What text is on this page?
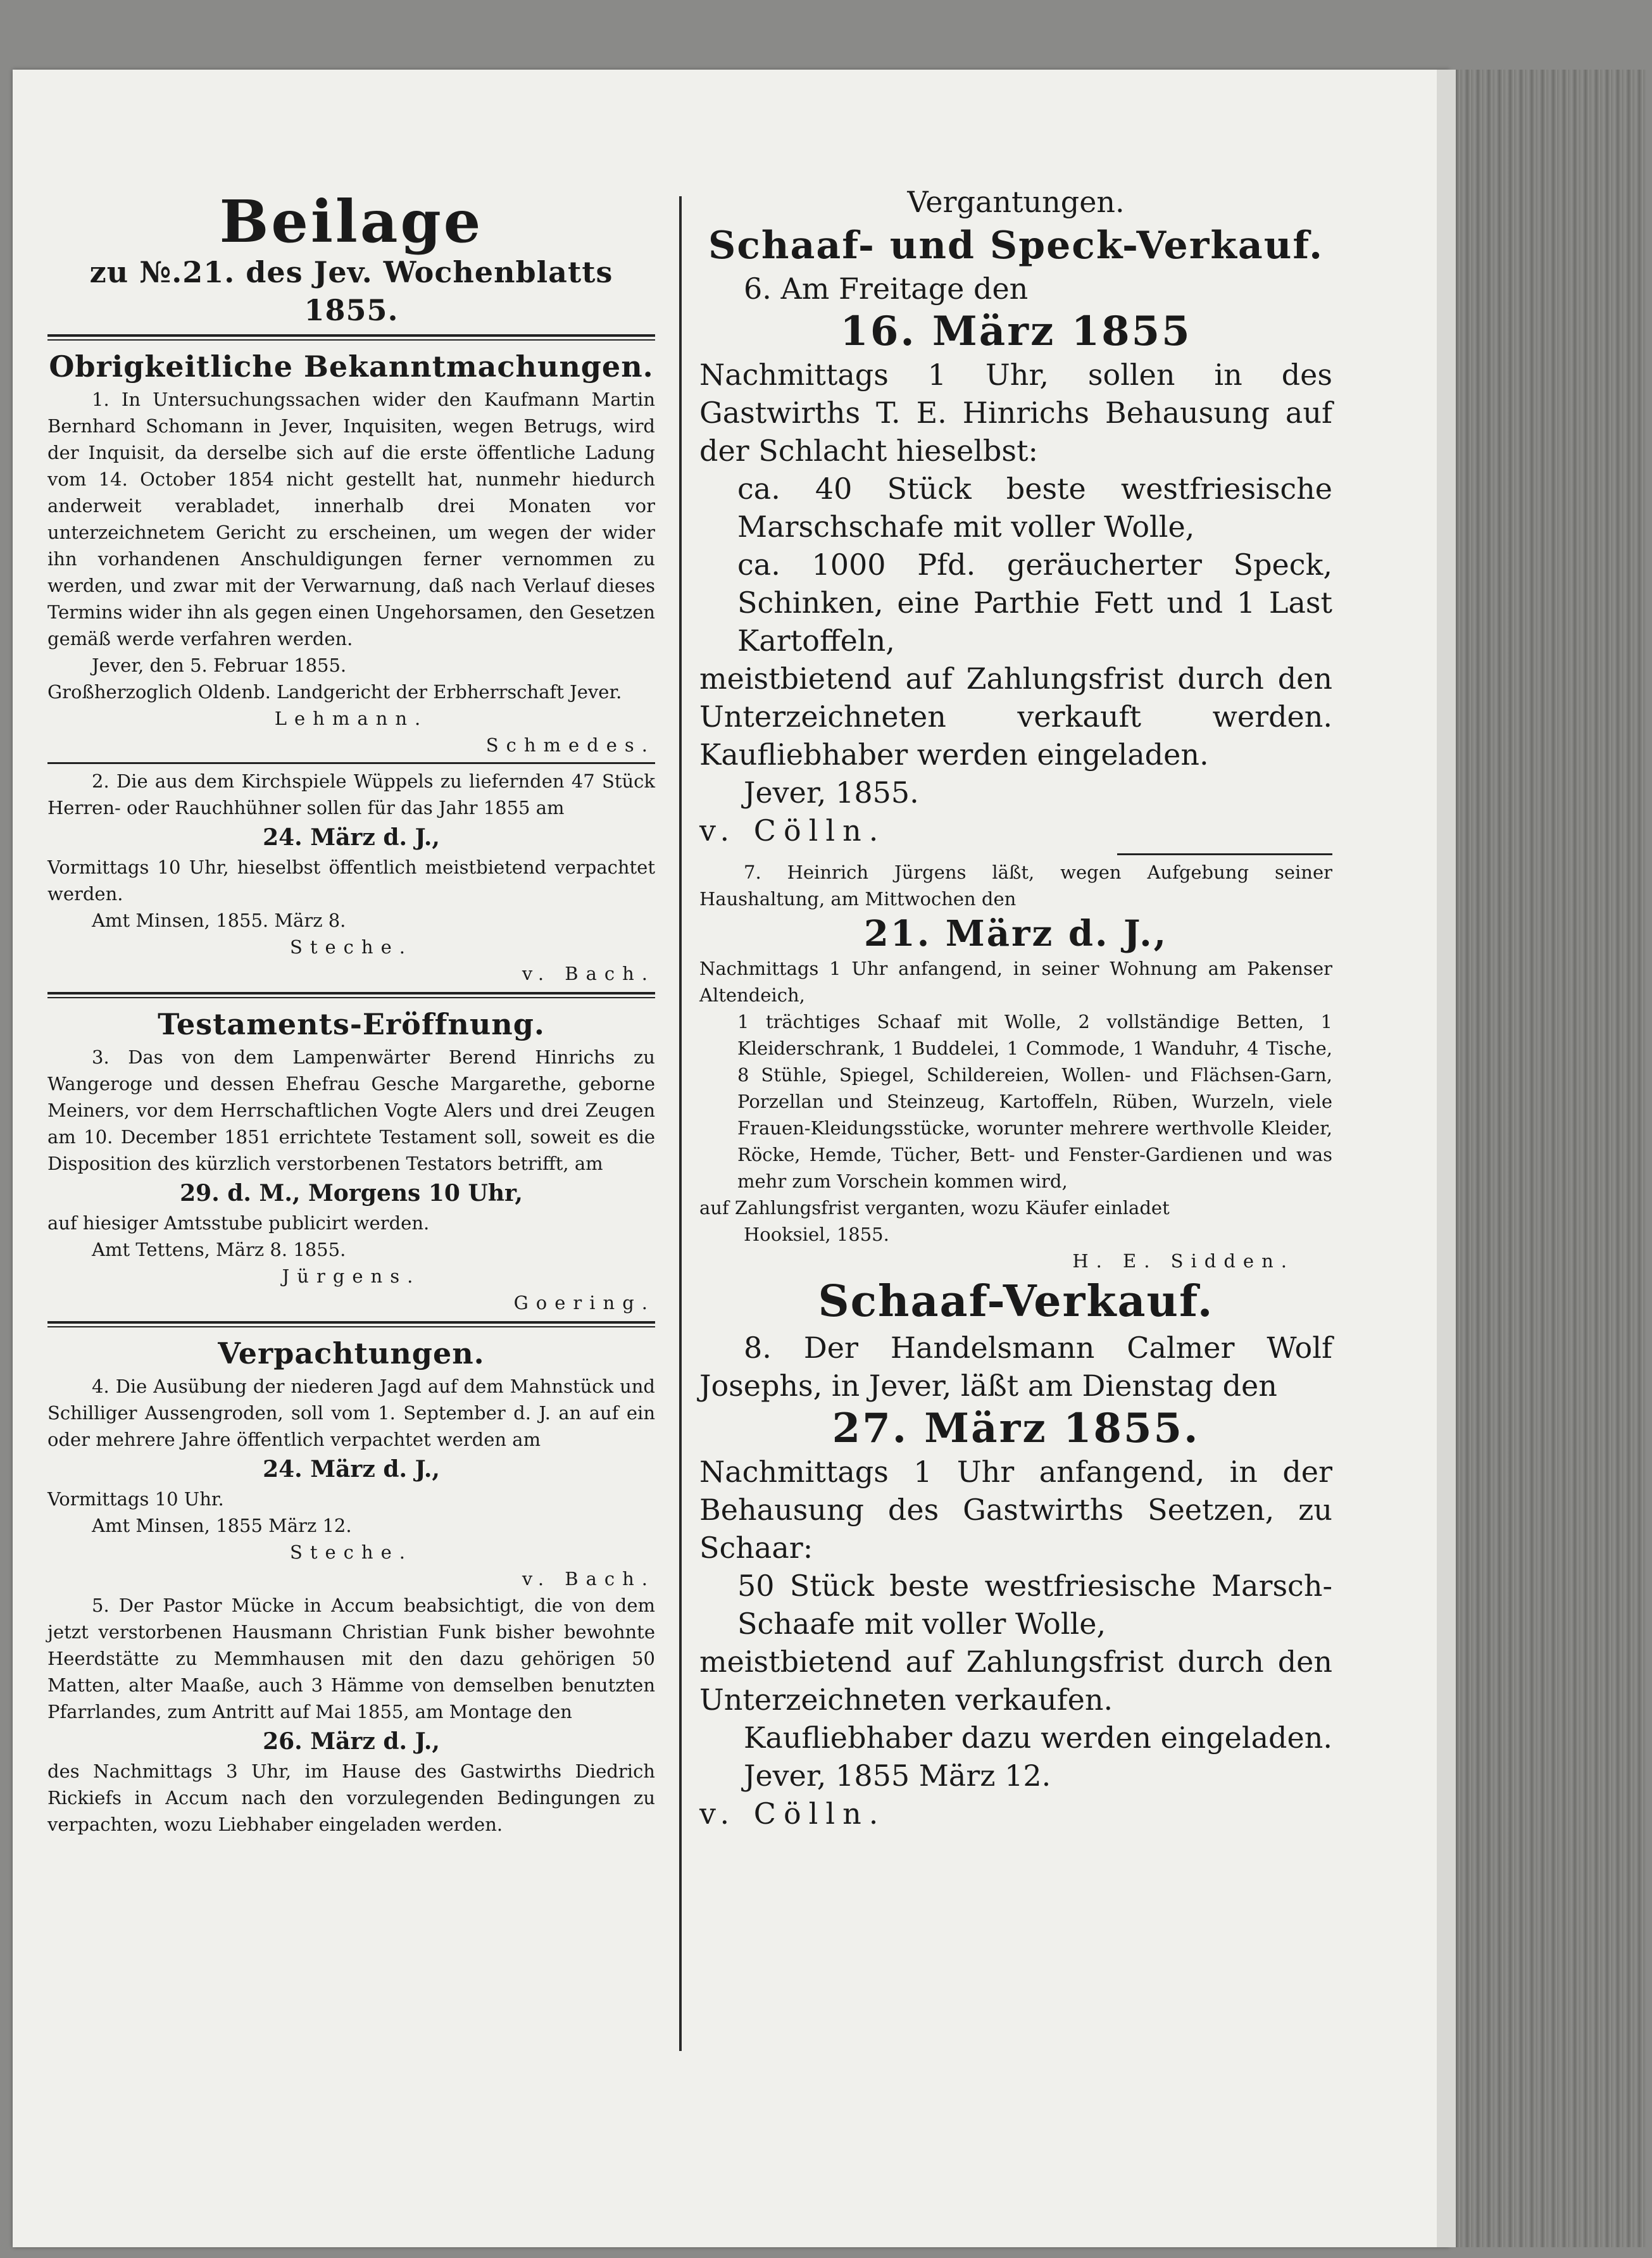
Beilage
zu №.21. des Jev. Wochenblatts 1855.
Obrigkeitliche Bekanntmachungen.
1. In Untersuchungssachen wider den Kaufmann Martin Bernhard Schomann in Jever, Inquisiten, wegen Betrugs, wird der Inquisit, da derselbe sich auf die erste öffentliche Ladung vom 14. October 1854 nicht gestellt hat, nunmehr hiedurch anderweit verabladet, innerhalb drei Monaten vor unterzeichnetem Gericht zu erscheinen, um wegen der wider ihn vorhandenen Anschuldigungen ferner vernommen zu werden, und zwar mit der Verwarnung, daß nach Verlauf dieses Termins wider ihn als gegen einen Ungehorsamen, den Gesetzen gemäß werde verfahren werden.
Jever, den 5. Februar 1855.
Großherzoglich Oldenb. Landgericht der Erbherrschaft Jever.
Lehmann.
Schmedes.
2. Die aus dem Kirchspiele Wüppels zu liefernden 47 Stück Herren- oder Rauchhühner sollen für das Jahr 1855 am
24. März d. J.,
Vormittags 10 Uhr, hieselbst öffentlich meistbietend verpachtet werden.
Amt Minsen, 1855. März 8.
Steche.
v. Bach.
Testaments-Eröffnung.
3. Das von dem Lampenwärter Berend Hinrichs zu Wangeroge und dessen Ehefrau Gesche Margarethe, geborne Meiners, vor dem Herrschaftlichen Vogte Alers und drei Zeugen am 10. December 1851 errichtete Testament soll, soweit es die Disposition des kürzlich verstorbenen Testators betrifft, am
29. d. M., Morgens 10 Uhr,
auf hiesiger Amtsstube publicirt werden.
Amt Tettens, März 8. 1855.
Jürgens.
Goering.
Verpachtungen.
4. Die Ausübung der niederen Jagd auf dem Mahnstück und Schilliger Aussengroden, soll vom 1. September d. J. an auf ein oder mehrere Jahre öffentlich verpachtet werden am
24. März d. J.,
Vormittags 10 Uhr.
Amt Minsen, 1855 März 12.
Steche.
v. Bach.
5. Der Pastor Mücke in Accum beabsichtigt, die von dem jetzt verstorbenen Hausmann Christian Funk bisher bewohnte Heerdstätte zu Memmhausen mit den dazu gehörigen 50 Matten, alter Maaße, auch 3 Hämme von demselben benutzten Pfarrlandes, zum Antritt auf Mai 1855, am Montage den
26. März d. J.,
des Nachmittags 3 Uhr, im Hause des Gastwirths Diedrich Rickiefs in Accum nach den vorzulegenden Bedingungen zu verpachten, wozu Liebhaber eingeladen werden.
Vergantungen.
Schaaf- und Speck-Verkauf.
6. Am Freitage den
16. März 1855
Nachmittags 1 Uhr, sollen in des Gastwirths T. E. Hinrichs Behausung auf der Schlacht hieselbst:
ca. 40 Stück beste westfriesische Marschschafe mit voller Wolle,
ca. 1000 Pfd. geräucherter Speck, Schinken, eine Parthie Fett und 1 Last Kartoffeln,
meistbietend auf Zahlungsfrist durch den Unterzeichneten verkauft werden. Kaufliebhaber werden eingeladen.
Jever, 1855.
v. Cölln.
7. Heinrich Jürgens läßt, wegen Aufgebung seiner Haushaltung, am Mittwochen den
21. März d. J.,
Nachmittags 1 Uhr anfangend, in seiner Wohnung am Pakenser Altendeich,
1 trächtiges Schaaf mit Wolle, 2 vollständige Betten, 1 Kleiderschrank, 1 Buddelei, 1 Commode, 1 Wanduhr, 4 Tische, 8 Stühle, Spiegel, Schildereien, Wollen- und Flächsen-Garn, Porzellan und Steinzeug, Kartoffeln, Rüben, Wurzeln, viele Frauen-Kleidungsstücke, worunter mehrere werthvolle Kleider, Röcke, Hemde, Tücher, Bett- und Fenster-Gardienen und was mehr zum Vorschein kommen wird,
auf Zahlungsfrist verganten, wozu Käufer einladet
Hooksiel, 1855.
H. E. Sidden.
Schaaf-Verkauf.
8. Der Handelsmann Calmer Wolf Josephs, in Jever, läßt am Dienstag den
27. März 1855.
Nachmittags 1 Uhr anfangend, in der Behausung des Gastwirths Seetzen, zu Schaar:
50 Stück beste westfriesische Marsch-Schaafe mit voller Wolle,
meistbietend auf Zahlungsfrist durch den Unterzeichneten verkaufen.
Kaufliebhaber dazu werden eingeladen.
Jever, 1855 März 12.
v. Cölln.
